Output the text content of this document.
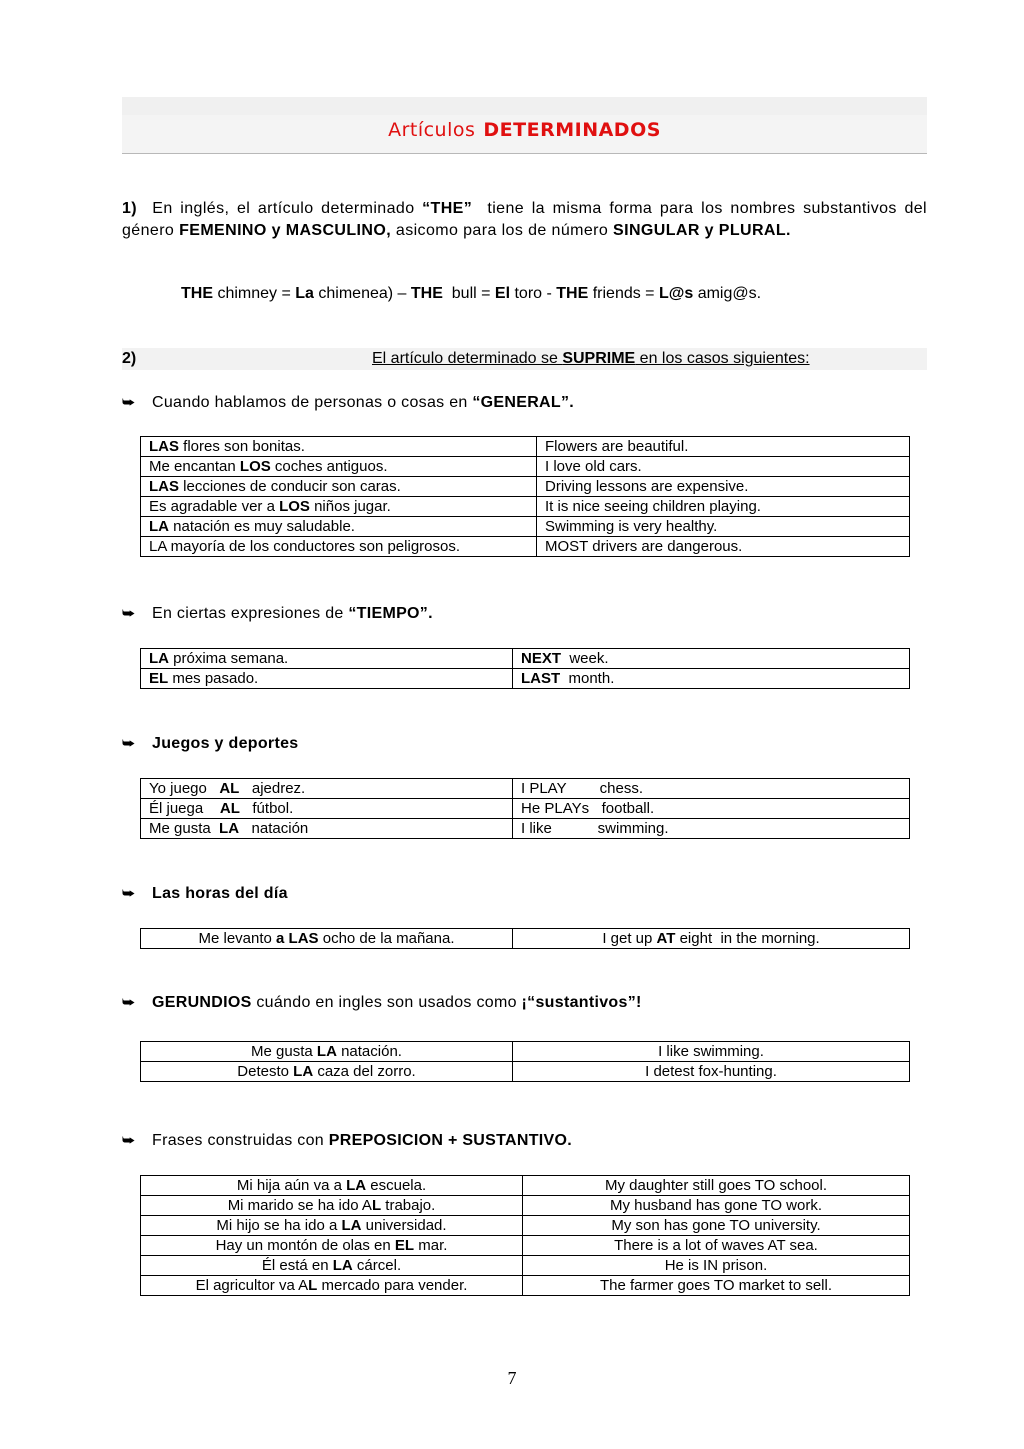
Artículos DETERMINADOS
1)  En inglés, el artículo determinado “THE”  tiene la misma forma para los nombres substantivos del género FEMENINO y MASCULINO, asicomo para los de número SINGULAR y PLURAL.
THE chimney = La chimenea) – THE  bull = El toro - THE friends = L@s amig@s.
2)	El artículo determinado se SUPRIME en los casos siguientes:
⮩ Cuando hablamos de personas o cosas en “GENERAL”.
LAS flores son bonitas.	Flowers are beautiful.
Me encantan LOS coches antiguos.	I love old cars.
LAS lecciones de conducir son caras.	Driving lessons are expensive.
Es agradable ver a LOS niños jugar.	It is nice seeing children playing.
LA natación es muy saludable.	Swimming is very healthy.
LA mayoría de los conductores son peligrosos.	MOST drivers are dangerous.
⮩ En ciertas expresiones de “TIEMPO”.
LA próxima semana.	NEXT  week.
EL mes pasado.	LAST  month.
⮩ Juegos y deportes
Yo juego   AL   ajedrez.	I PLAY        chess.
Él juega    AL   fútbol.	He PLAYs   football.
Me gusta  LA   natación	I like           swimming.
⮩ Las horas del día
Me levanto a LAS ocho de la mañana.	I get up AT eight  in the morning.
⮩ GERUNDIOS cuándo en ingles son usados como ¡“sustantivos”!
Me gusta LA natación.	I like swimming.
Detesto LA caza del zorro.	I detest fox-hunting.
⮩ Frases construidas con PREPOSICION + SUSTANTIVO.
Mi hija aún va a LA escuela.	My daughter still goes TO school.
Mi marido se ha ido AL trabajo.	My husband has gone TO work.
Mi hijo se ha ido a LA universidad.	My son has gone TO university.
Hay un montón de olas en EL mar.	There is a lot of waves AT sea.
Él está en LA cárcel.	He is IN prison.
El agricultor va AL mercado para vender.	The farmer goes TO market to sell.
7
